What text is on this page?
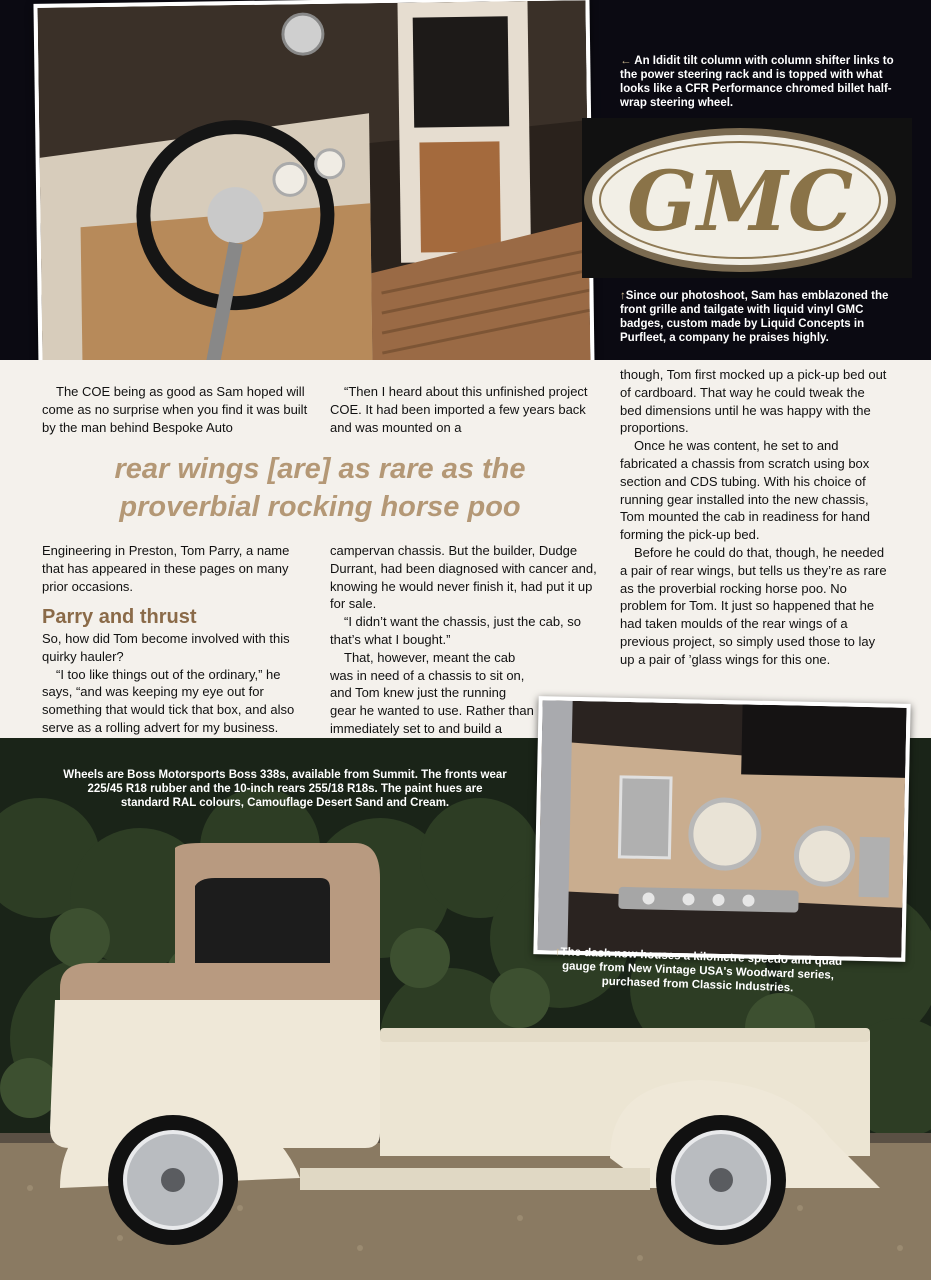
← An Ididit tilt column with column shifter links to the power steering rack and is topped with what looks like a CFR Performance chromed billet half-wrap steering wheel.
GMC
↑Since our photoshoot, Sam has emblazoned the front grille and tailgate with liquid vinyl GMC badges, custom made by Liquid Concepts in Purfleet, a company he praises highly.

The COE being as good as Sam hoped will come as no surprise when you find it was built by the man behind Bespoke Auto

“Then I heard about this unfinished project COE. It had been imported a few years back and was mounted on a

rear wings [are] as rare as the
proverbial rocking horse poo

Engineering in Preston, Tom Parry, a name that has appeared in these pages on many prior occasions.

Parry and thrust

So, how did Tom become involved with this quirky hauler?

“I too like things out of the ordinary,” he says, “and was keeping my eye out for something that would tick that box, and also serve as a rolling advert for my business.

campervan chassis. But the builder, Dudge Durrant, had been diagnosed with cancer and, knowing he would never finish it, had put it up for sale.

“I didn’t want the chassis, just the cab, so that’s what I bought.”

That, however, meant the cab was in need of a chassis to sit on, and Tom knew just the running gear he wanted to use. Rather than immediately set to and build a

though, Tom first mocked up a pick-up bed out of cardboard. That way he could tweak the bed dimensions until he was happy with the proportions.

Once he was content, he set to and fabricated a chassis from scratch using box section and CDS tubing. With his choice of running gear installed into the new chassis, Tom mounted the cab in readiness for hand forming the pick-up bed.

Before he could do that, though, he needed a pair of rear wings, but tells us they’re as rare as the proverbial rocking horse poo. No problem for Tom. It just so happened that he had taken moulds of the rear wings of a previous project, so simply used those to lay up a pair of ’glass wings for this one.

Wheels are Boss Motorsports Boss 338s, available from Summit. The fronts wear 225/45 R18 rubber and the 10-inch rears 255/18 R18s. The paint hues are standard RAL colours, Camouflage Desert Sand and Cream.
↑The dash now houses a kilometre speedo and quad gauge from New Vintage USA's Woodward series, purchased from Classic Industries.
